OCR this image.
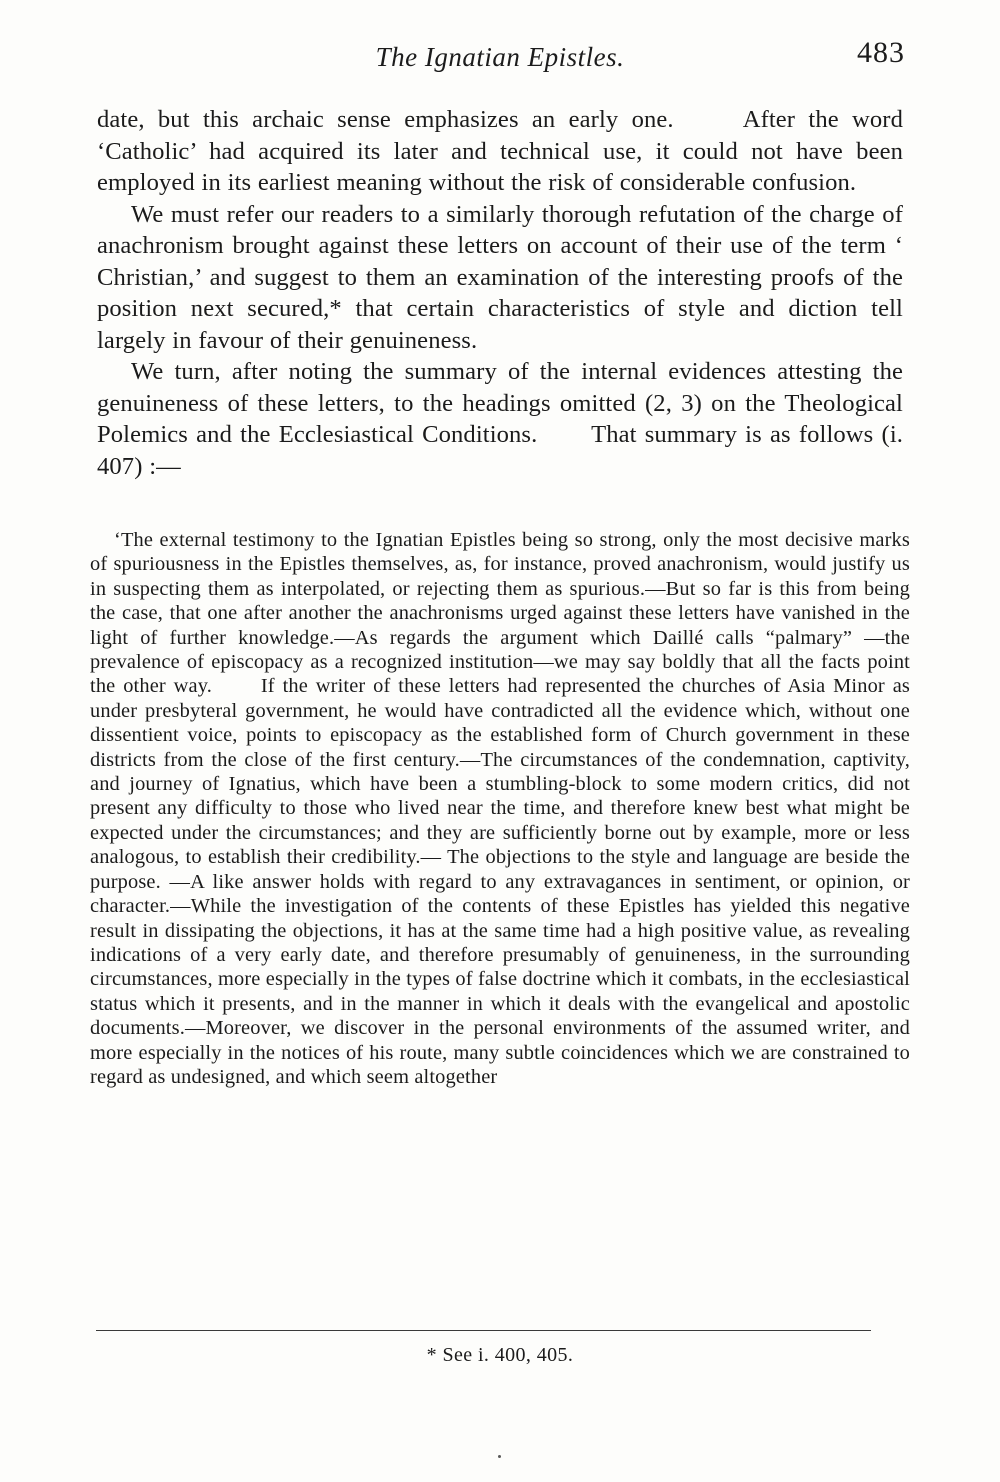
The Ignatian Epistles.	483

date, but this archaic sense emphasizes an early one.　　After the word ‘Catholic’ had acquired its later and technical use, it could not have been employed in its earliest meaning without the risk of considerable confusion.

We must refer our readers to a similarly thorough refutation of the charge of anachronism brought against these letters on account of their use of the term ‘ Christian,’ and suggest to them an examination of the interesting proofs of the position next secured,* that certain characteristics of style and diction tell largely in favour of their genuineness.

We turn, after noting the summary of the internal evidences attesting the genuineness of these letters, to the headings omitted (2, 3) on the Theological Polemics and the Ecclesiastical Conditions.　　That summary is as follows (i. 407) :—

‘The external testimony to the Ignatian Epistles being so strong, only the most decisive marks of spuriousness in the Epistles themselves, as, for instance, proved anachronism, would justify us in suspecting them as interpolated, or rejecting them as spurious.—But so far is this from being the case, that one after another the anachronisms urged against these letters have vanished in the light of further knowledge.—As regards the argument which Daillé calls “palmary” —the prevalence of episcopacy as a recognized institution—we may say boldly that all the facts point the other way.　　If the writer of these letters had represented the churches of Asia Minor as under presbyteral government, he would have contradicted all the evidence which, without one dissentient voice, points to episcopacy as the established form of Church government in these districts from the close of the first century.—The circumstances of the condemnation, captivity, and journey of Ignatius, which have been a stumbling-block to some modern critics, did not present any difficulty to those who lived near the time, and therefore knew best what might be expected under the circumstances; and they are sufficiently borne out by example, more or less analogous, to establish their credibility.— The objections to the style and language are beside the purpose. —A like answer holds with regard to any extravagances in sentiment, or opinion, or character.—While the investigation of the contents of these Epistles has yielded this negative result in dissipating the objections, it has at the same time had a high positive value, as revealing indications of a very early date, and therefore presumably of genuineness, in the surrounding circumstances, more especially in the types of false doctrine which it combats, in the ecclesiastical status which it presents, and in the manner in which it deals with the evangelical and apostolic documents.—Moreover, we discover in the personal environments of the assumed writer, and more especially in the notices of his route, many subtle coincidences which we are constrained to regard as undesigned, and which seem altogether

* See i. 400, 405.
